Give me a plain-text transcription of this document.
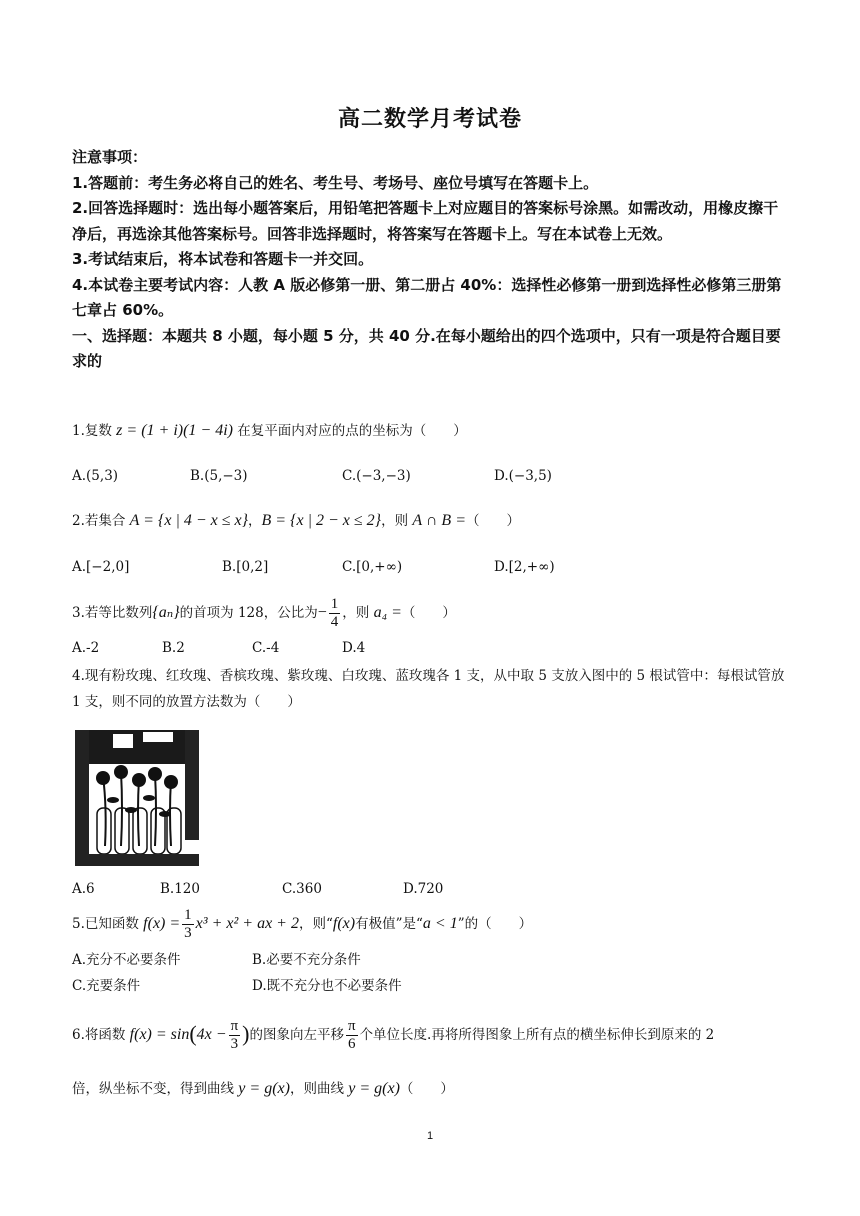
高二数学月考试卷

注意事项：

1.答题前：考生务必将自己的姓名、考生号、考场号、座位号填写在答题卡上。

2.回答选择题时：选出每小题答案后，用铅笔把答题卡上对应题目的答案标号涂黑。如需改动，用橡皮擦干净后，再选涂其他答案标号。回答非选择题时，将答案写在答题卡上。写在本试卷上无效。

3.考试结束后，将本试卷和答题卡一并交回。

4.本试卷主要考试内容：人教 A 版必修第一册、第二册占 40%：选择性必修第一册到选择性必修第三册第七章占 60%。

一、选择题：本题共 8 小题，每小题 5 分，共 40 分.在每小题给出的四个选项中，只有一项是符合题目要求的

1.复数 z = (1 + i)(1 − 4i) 在复平面内对应的点的坐标为（　　）
A.(5,3)	B.(5,−3)	C.(−3,−3)	D.(−3,5)
2.若集合 A = {x | 4 − x ≤ x}，B = {x | 2 − x ≤ 2}，则 A ∩ B =（　　）
A.[−2,0]	B.[0,2]	C.[0,+∞)	D.[2,+∞)
3.若等比数列{aₙ}的首项为 128，公比为− $\frac{1}{4}$ ，则 a₄ =（　　）
A.-2	B.2	C.-4	D.4
4.现有粉玫瑰、红玫瑰、香槟玫瑰、紫玫瑰、白玫瑰、蓝玫瑰各 1 支，从中取 5 支放入图中的 5 根试管中：每根试管放 1 支，则不同的放置方法数为（　　）
A.6	B.120	C.360	D.720
5.已知函数 $f(x) = \frac{1}{3} x^3 + x^2$ + ax + 2，则“f(x)有极值”是“a < 1”的（　　）
A.充分不必要条件	B.必要不充分条件
C.充要条件	D.既不充分也不必要条件
6.将函数 $f(x) = \sin(4x - \frac{\pi}{3}$ )的图象向左平移 $\frac{\pi}{6}$ 个单位长度.再将所得图象上所有点的横坐标伸长到原来的 2
倍，纵坐标不变，得到曲线 y = g(x)，则曲线 y = g(x)（　　）
1
